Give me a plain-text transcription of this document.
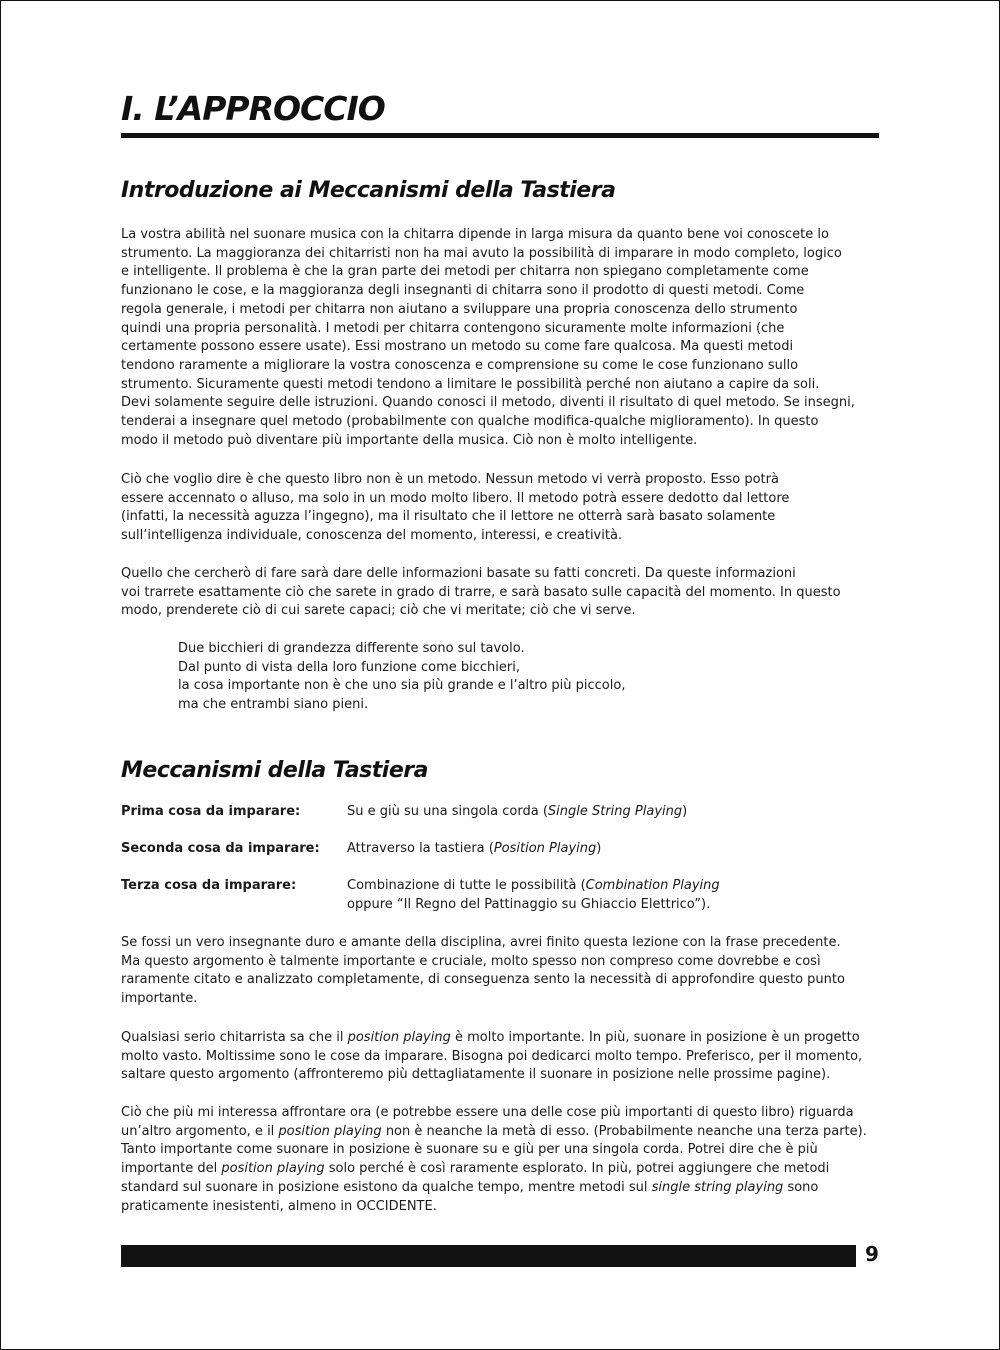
I. L’APPROCCIO
Introduzione ai Meccanismi della Tastiera
La vostra abilità nel suonare musica con la chitarra dipende in larga misura da quanto bene voi conoscete lo
strumento. La maggioranza dei chitarristi non ha mai avuto la possibilità di imparare in modo completo, logico
e intelligente. Il problema è che la gran parte dei metodi per chitarra non spiegano completamente come
funzionano le cose, e la maggioranza degli insegnanti di chitarra sono il prodotto di questi metodi. Come
regola generale, i metodi per chitarra non aiutano a sviluppare una propria conoscenza dello strumento
quindi una propria personalità. I metodi per chitarra contengono sicuramente molte informazioni (che
certamente possono essere usate). Essi mostrano un metodo su come fare qualcosa. Ma questi metodi
tendono raramente a migliorare la vostra conoscenza e comprensione su come le cose funzionano sullo
strumento. Sicuramente questi metodi tendono a limitare le possibilità perché non aiutano a capire da soli.
Devi solamente seguire delle istruzioni. Quando conosci il metodo, diventi il risultato di quel metodo. Se insegni,
tenderai a insegnare quel metodo (probabilmente con qualche modifica-qualche miglioramento). In questo
modo il metodo può diventare più importante della musica. Ciò non è molto intelligente.
Ciò che voglio dire è che questo libro non è un metodo. Nessun metodo vi verrà proposto. Esso potrà
essere accennato o alluso, ma solo in un modo molto libero. Il metodo potrà essere dedotto dal lettore
(infatti, la necessità aguzza l’ingegno), ma il risultato che il lettore ne otterrà sarà basato solamente
sull’intelligenza individuale, conoscenza del momento, interessi, e creatività.
Quello che cercherò di fare sarà dare delle informazioni basate su fatti concreti. Da queste informazioni
voi trarrete esattamente ciò che sarete in grado di trarre, e sarà basato sulle capacità del momento. In questo
modo, prenderete ciò di cui sarete capaci; ciò che vi meritate; ciò che vi serve.
Due bicchieri di grandezza differente sono sul tavolo.
Dal punto di vista della loro funzione come bicchieri,
la cosa importante non è che uno sia più grande e l’altro più piccolo,
ma che entrambi siano pieni.
Meccanismi della Tastiera
Prima cosa da imparare:	Su e giù su una singola corda (Single String Playing)
Seconda cosa da imparare: Attraverso la tastiera (Position Playing)
Terza cosa da imparare:	Combinazione di tutte le possibilità (Combination Playing
oppure “Il Regno del Pattinaggio su Ghiaccio Elettrico”).
Se fossi un vero insegnante duro e amante della disciplina, avrei finito questa lezione con la frase precedente.
Ma questo argomento è talmente importante e cruciale, molto spesso non compreso come dovrebbe e così
raramente citato e analizzato completamente, di conseguenza sento la necessità di approfondire questo punto
importante.
Qualsiasi serio chitarrista sa che il position playing è molto importante. In più, suonare in posizione è un progetto
molto vasto. Moltissime sono le cose da imparare. Bisogna poi dedicarci molto tempo. Preferisco, per il momento,
saltare questo argomento (affronteremo più dettagliatamente il suonare in posizione nelle prossime pagine).
Ciò che più mi interessa affrontare ora (e potrebbe essere una delle cose più importanti di questo libro) riguarda
un’altro argomento, e il position playing non è neanche la metà di esso. (Probabilmente neanche una terza parte).
Tanto importante come suonare in posizione è suonare su e giù per una singola corda. Potrei dire che è più
importante del position playing solo perché è così raramente esplorato. In più, potrei aggiungere che metodi
standard sul suonare in posizione esistono da qualche tempo, mentre metodi sul single string playing sono
praticamente inesistenti, almeno in OCCIDENTE.
9
